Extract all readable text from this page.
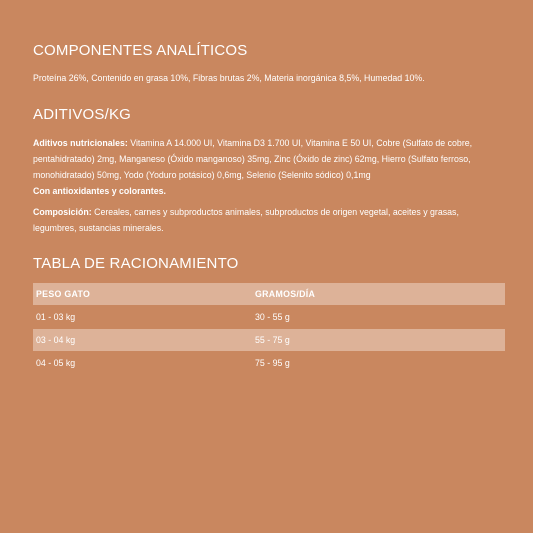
COMPONENTES ANALÍTICOS
Proteína 26%, Contenido en grasa 10%, Fibras brutas 2%, Materia inorgánica 8,5%, Humedad 10%.
ADITIVOS/KG
Aditivos nutricionales: Vitamina A 14.000 UI, Vitamina D3 1.700 UI, Vitamina E 50 UI, Cobre (Sulfato de cobre, pentahidratado) 2mg, Manganeso (Óxido manganoso) 35mg, Zinc (Óxido de zinc) 62mg, Hierro (Sulfato ferroso, monohidratado) 50mg, Yodo (Yoduro potásico) 0,6mg, Selenio (Selenito sódico) 0,1mg
Con antioxidantes y colorantes.
Composición: Cereales, carnes y subproductos animales, subproductos de origen vegetal, aceites y grasas, legumbres, sustancias minerales.
TABLA DE RACIONAMIENTO
PESO GATO	GRAMOS/DÍA
01 - 03 kg	30 - 55 g
03 - 04 kg	55 - 75 g
04 - 05 kg	75 - 95 g
